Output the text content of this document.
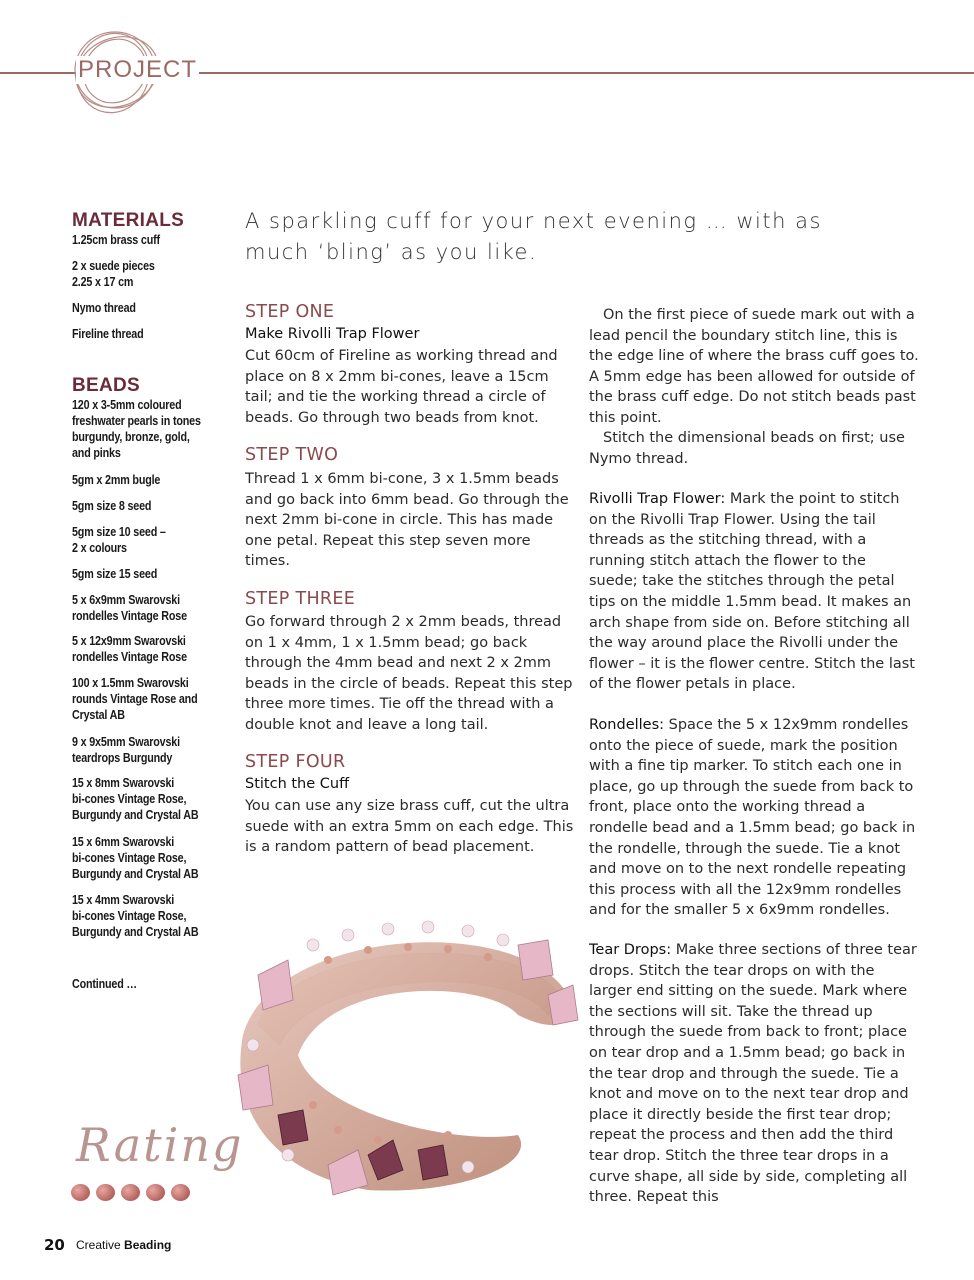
PROJECT
MATERIALS
1.25cm brass cuff
2 x suede pieces
2.25 x 17 cm
Nymo thread
Fireline thread
BEADS
120 x 3-5mm coloured
freshwater pearls in tones
burgundy, bronze, gold,
and pinks
5gm x 2mm bugle
5gm size 8 seed
5gm size 10 seed –
2 x colours
5gm size 15 seed
5 x 6x9mm Swarovski
rondelles Vintage Rose
5 x 12x9mm Swarovski
rondelles Vintage Rose
100 x 1.5mm Swarovski
rounds Vintage Rose and
Crystal AB
9 x 9x5mm Swarovski
teardrops Burgundy
15 x 8mm Swarovski
bi-cones Vintage Rose,
Burgundy and Crystal AB
15 x 6mm Swarovski
bi-cones Vintage Rose,
Burgundy and Crystal AB
15 x 4mm Swarovski
bi-cones Vintage Rose,
Burgundy and Crystal AB
Continued …
A sparkling cuff for your next evening … with as much ‘bling’ as you like.
STEP ONE
Make Rivolli Trap Flower

Cut 60cm of Fireline as working thread and place on 8 x 2mm bi-cones, leave a 15cm tail; and tie the working thread a circle of beads. Go through two beads from knot.

STEP TWO

Thread 1 x 6mm bi-cone, 3 x 1.5mm beads and go back into 6mm bead. Go through the next 2mm bi-cone in circle. This has made one petal. Repeat this step seven more times.

STEP THREE

Go forward through 2 x 2mm beads, thread on 1 x 4mm, 1 x 1.5mm bead; go back through the 4mm bead and next 2 x 2mm beads in the circle of beads. Repeat this step three more times. Tie off the thread with a double knot and leave a long tail.

STEP FOUR
Stitch the Cuff

You can use any size brass cuff, cut the ultra suede with an extra 5mm on each edge. This is a random pattern of bead placement.

On the first piece of suede mark out with a lead pencil the boundary stitch line, this is the edge line of where the brass cuff goes to. A 5mm edge has been allowed for outside of the brass cuff edge. Do not stitch beads past this point.

Stitch the dimensional beads on first; use Nymo thread.

Rivolli Trap Flower: Mark the point to stitch on the Rivolli Trap Flower. Using the tail threads as the stitching thread, with a running stitch attach the flower to the suede; take the stitches through the petal tips on the middle 1.5mm bead. It makes an arch shape from side on. Before stitching all the way around place the Rivolli under the flower – it is the flower centre. Stitch the last of the flower petals in place.

Rondelles: Space the 5 x 12x9mm rondelles onto the piece of suede, mark the position with a fine tip marker. To stitch each one in place, go up through the suede from back to front, place onto the working thread a rondelle bead and a 1.5mm bead; go back in the rondelle, through the suede. Tie a knot and move on to the next rondelle repeating this process with all the 12x9mm rondelles and for the smaller 5 x 6x9mm rondelles.

Tear Drops: Make three sections of three tear drops. Stitch the tear drops on with the larger end sitting on the suede. Mark where the sections will sit. Take the thread up through the suede from back to front; place on tear drop and a 1.5mm bead; go back in the tear drop and through the suede. Tie a knot and move on to the next tear drop and place it directly beside the first tear drop; repeat the process and then add the third tear drop. Stitch the three tear drops in a curve shape, all side by side, completing all three. Repeat this

Rating
20 Creative Beading
